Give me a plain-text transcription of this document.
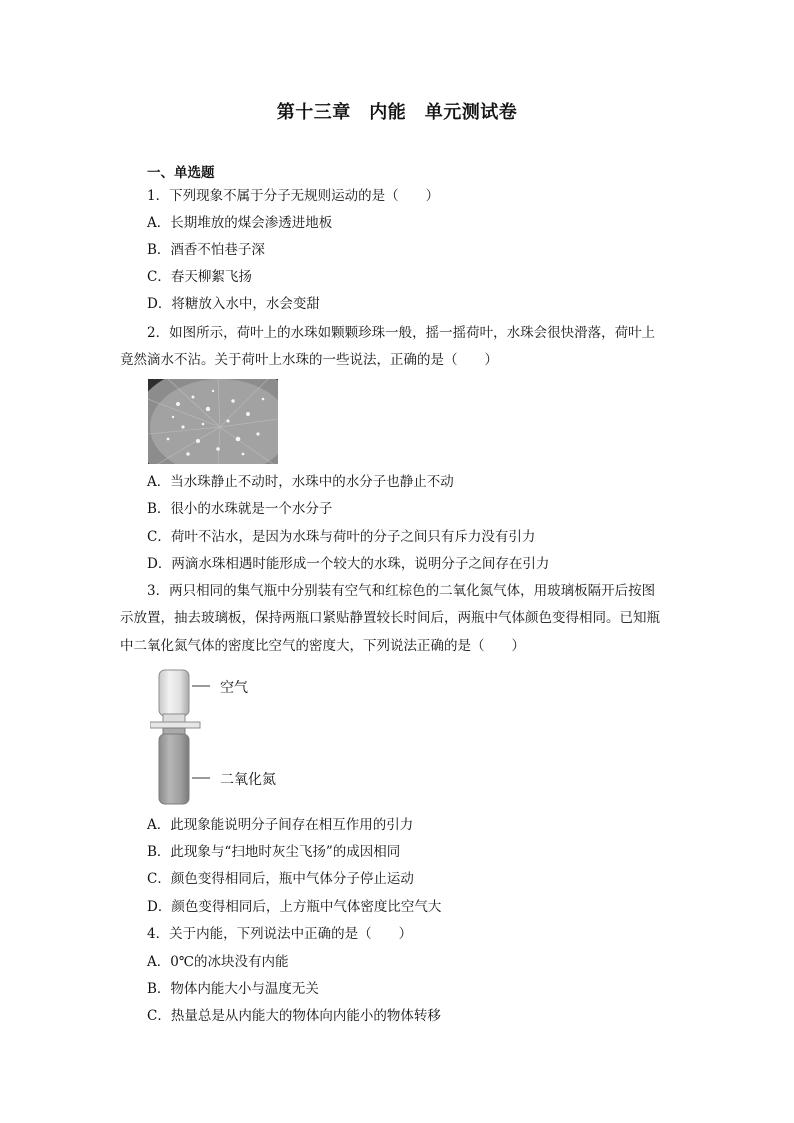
第十三章　内能　单元测试卷
一、单选题
1．下列现象不属于分子无规则运动的是（　　）
A．长期堆放的煤会渗透进地板
B．酒香不怕巷子深
C．春天柳絮飞扬
D．将糖放入水中，水会变甜
2．如图所示，荷叶上的水珠如颗颗珍珠一般，摇一摇荷叶，水珠会很快滑落，荷叶上
竟然滴水不沾。关于荷叶上水珠的一些说法，正确的是（　　）
A．当水珠静止不动时，水珠中的水分子也静止不动
B．很小的水珠就是一个水分子
C．荷叶不沾水，是因为水珠与荷叶的分子之间只有斥力没有引力
D．两滴水珠相遇时能形成一个较大的水珠，说明分子之间存在引力
3．两只相同的集气瓶中分别装有空气和红棕色的二氧化氮气体，用玻璃板隔开后按图
示放置，抽去玻璃板，保持两瓶口紧贴静置较长时间后，两瓶中气体颜色变得相同。已知瓶
中二氧化氮气体的密度比空气的密度大，下列说法正确的是（　　）
空气
二氧化氮
A．此现象能说明分子间存在相互作用的引力
B．此现象与“扫地时灰尘飞扬”的成因相同
C．颜色变得相同后，瓶中气体分子停止运动
D．颜色变得相同后，上方瓶中气体密度比空气大
4．关于内能，下列说法中正确的是（　　）
A．0℃的冰块没有内能
B．物体内能大小与温度无关
C．热量总是从内能大的物体向内能小的物体转移
